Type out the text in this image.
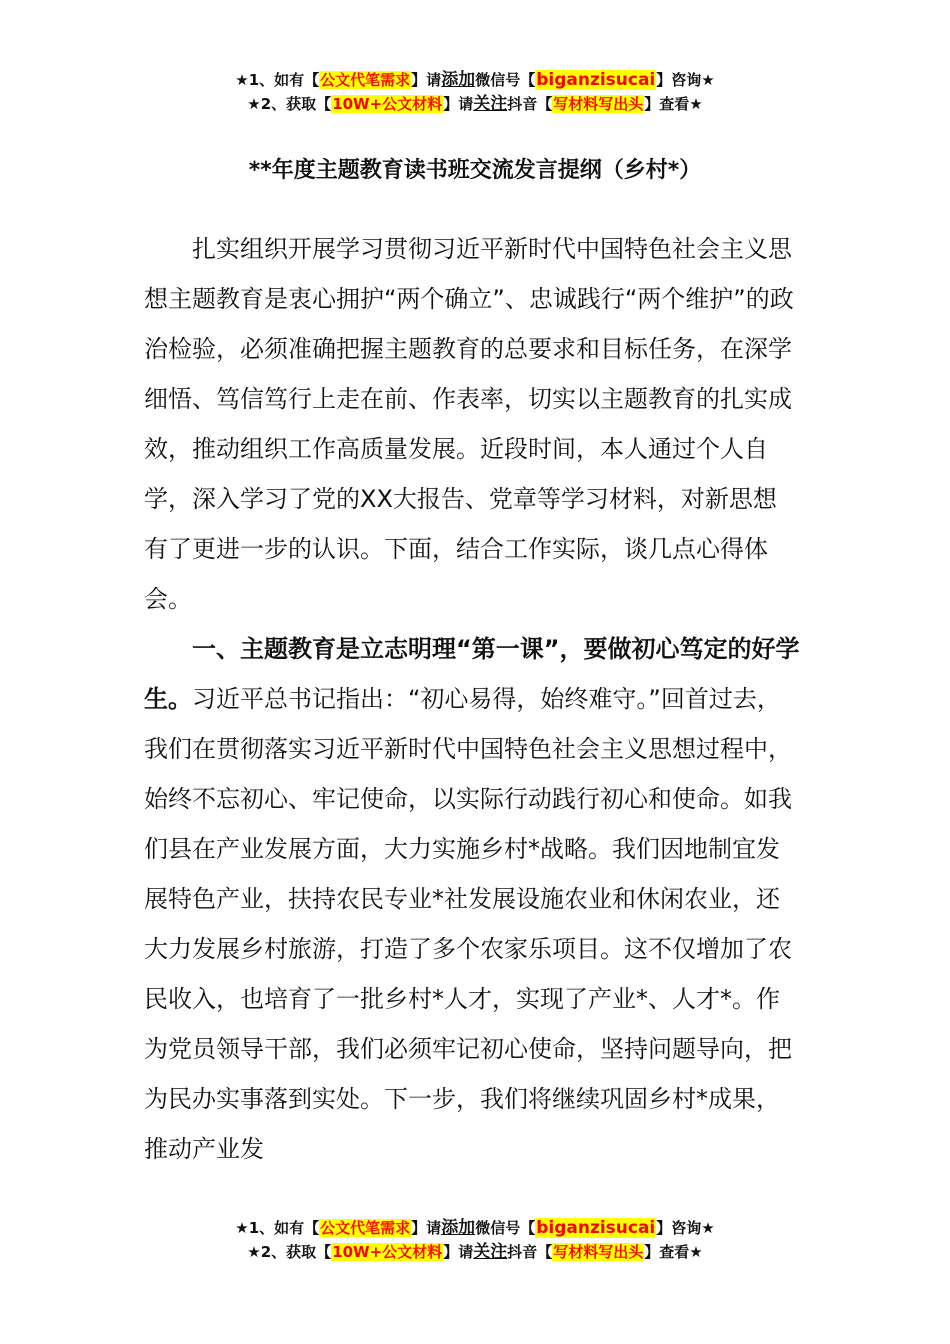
★1、如有【公文代笔需求】请添加微信号【biganzisucai】咨询★
★2、获取【10W+公文材料】请关注抖音【写材料写出头】查看★
**年度主题教育读书班交流发言提纲（乡村*）

扎实组织开展学习贯彻习近平新时代中国特色社会主义思想主题教育是衷心拥护“两个确立”、忠诚践行“两个维护”的政治检验，必须准确把握主题教育的总要求和目标任务，在深学细悟、笃信笃行上走在前、作表率，切实以主题教育的扎实成效，推动组织工作高质量发展。近段时间，本人通过个人自学，深入学习了党的XX大报告、党章等学习材料，对新思想有了更进一步的认识。下面，结合工作实际，谈几点心得体会。

一、主题教育是立志明理“第一课”，要做初心笃定的好学生。习近平总书记指出：“初心易得，始终难守。”回首过去，我们在贯彻落实习近平新时代中国特色社会主义思想过程中，始终不忘初心、牢记使命，以实际行动践行初心和使命。如我们县在产业发展方面，大力实施乡村*战略。我们因地制宜发展特色产业，扶持农民专业*社发展设施农业和休闲农业，还大力发展乡村旅游，打造了多个农家乐项目。这不仅增加了农民收入，也培育了一批乡村*人才，实现了产业*、人才*。作为党员领导干部，我们必须牢记初心使命，坚持问题导向，把为民办实事落到实处。下一步，我们将继续巩固乡村*成果，推动产业发

★1、如有【公文代笔需求】请添加微信号【biganzisucai】咨询★
★2、获取【10W+公文材料】请关注抖音【写材料写出头】查看★
